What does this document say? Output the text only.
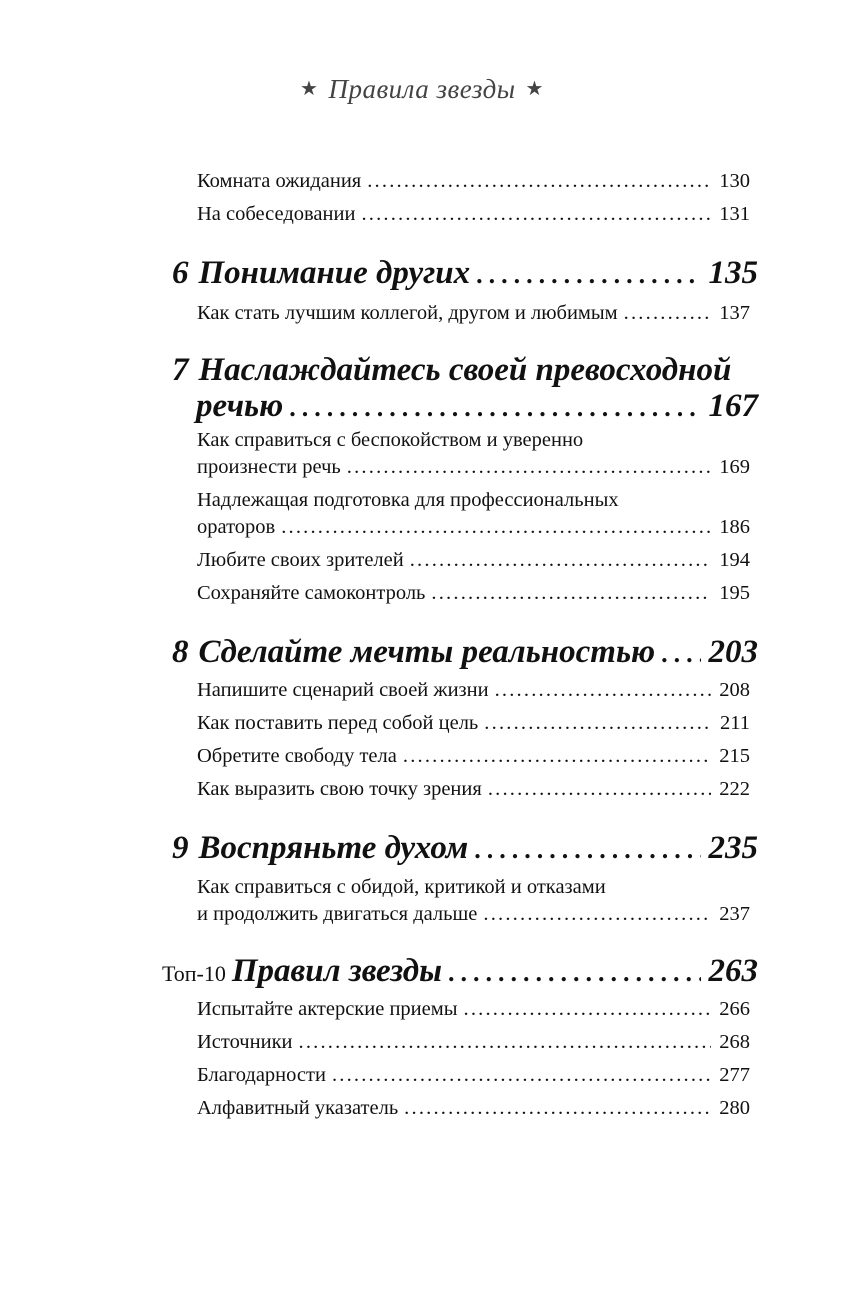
★ Правила звезды ★
Комната ожидания .....	130
На собеседовании .....	131
6 Понимание других .....	135
Как стать лучшим коллегой, другом и любимым .....	137
7 Наслаждайтесь своей превосходной
речью .....	167
Как справиться с беспокойством и уверенно
произнести речь .....	169
Надлежащая подготовка для профессиональных
ораторов .....	186
Любите своих зрителей .....	194
Сохраняйте самоконтроль .....	195
8 Сделайте мечты реальностью ..... 203
Напишите сценарий своей жизни .....	208
Как поставить перед собой цель .....	211
Обретите свободу тела .....	215
Как выразить свою точку зрения .....	222
9 Воспряньте духом .....	235
Как справиться с обидой, критикой и отказами
и продолжить двигаться дальше .....	237
Топ-10 Правил звезды .....	263
Испытайте актерские приемы .....	266
Источники .....	268
Благодарности .....	277
Алфавитный указатель .....	280
